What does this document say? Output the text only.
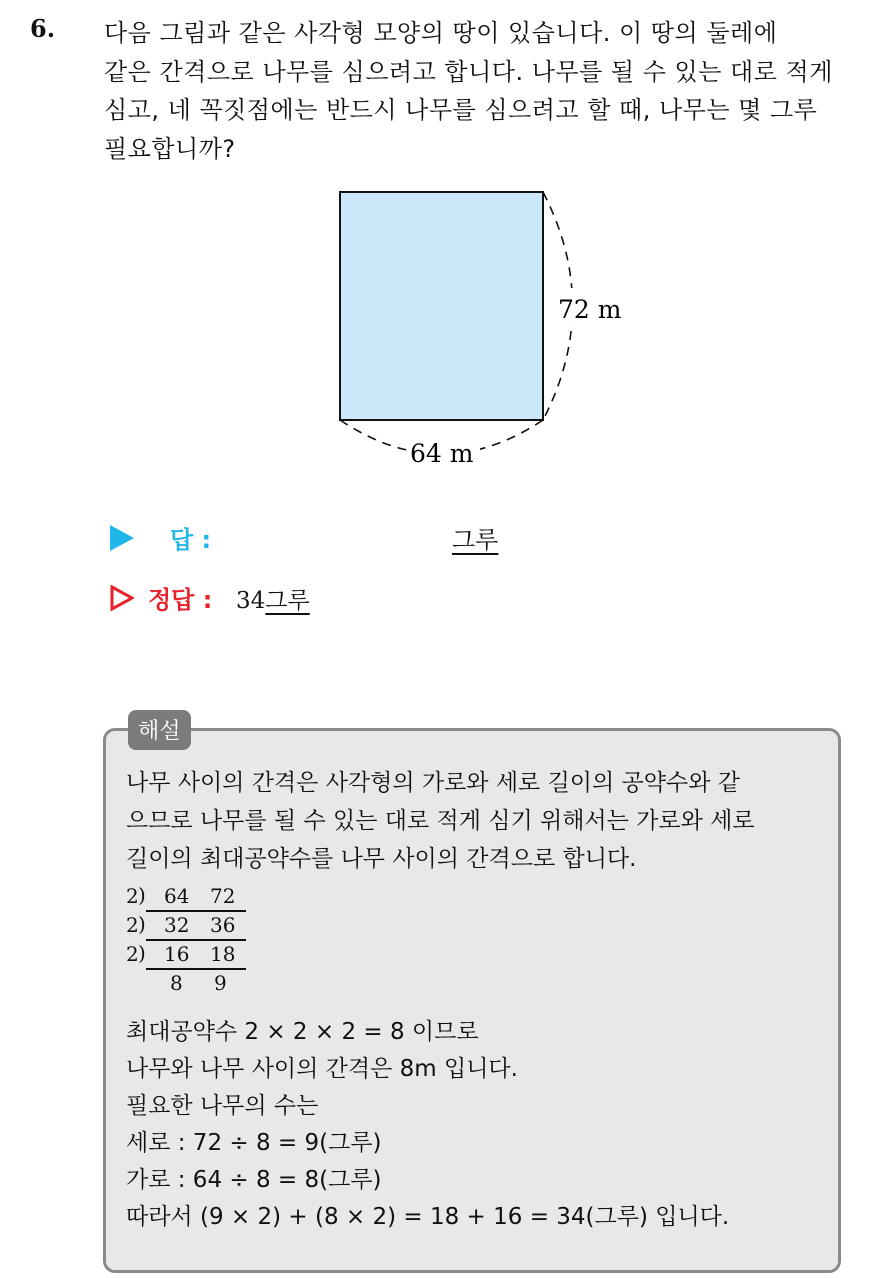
6. 다음 그림과 같은 사각형 모양의 땅이 있습니다. 이 땅의 둘레에
같은 간격으로 나무를 심으려고 합니다. 나무를 될 수 있는 대로 적게
심고, 네 꼭짓점에는 반드시 나무를 심으려고 할 때, 나무는 몇 그루
필요합니까?
72 m
64 m
답 :	그루
정답 : 34그루
해설
나무 사이의 간격은 사각형의 가로와 세로 길이의 공약수와 같
으므로 나무를 될 수 있는 대로 적게 심기 위해서는 가로와 세로
길이의 최대공약수를 나무 사이의 간격으로 합니다.
2 ) 64 72
2 ) 32 36
2 ) 16 18
8 9
최대공약수 2 × 2 × 2 = 8 이므로
나무와 나무 사이의 간격은 8m 입니다.
필요한 나무의 수는
세로 : 72 ÷ 8 = 9(그루)
가로 : 64 ÷ 8 = 8(그루)
따라서 (9 × 2) + (8 × 2) = 18 + 16 = 34(그루) 입니다.
